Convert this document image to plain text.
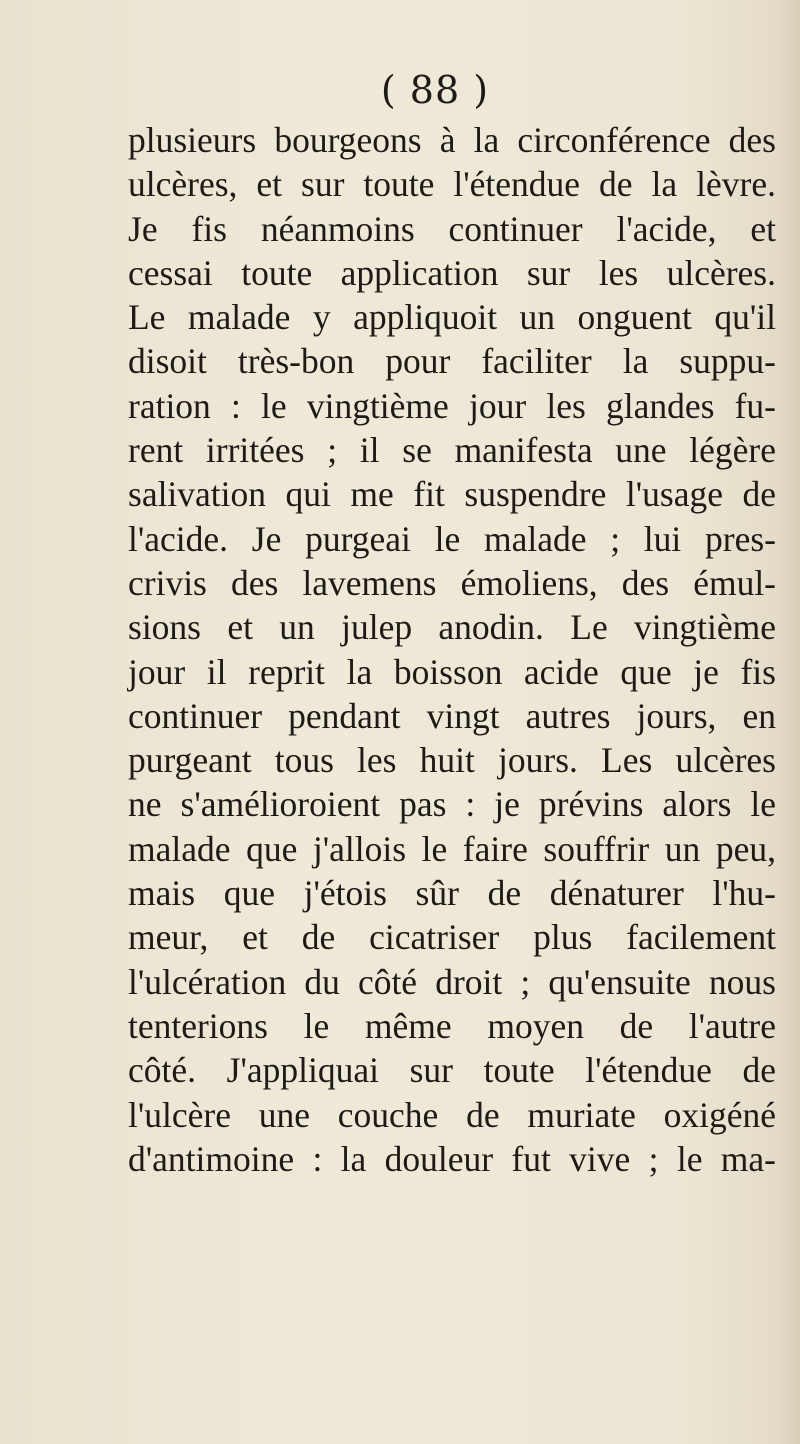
( 88 )
plusieurs bourgeons à la circonférence des
ulcères, et sur toute l'étendue de la lèvre.
Je fis néanmoins continuer l'acide, et
cessai toute application sur les ulcères.
Le malade y appliquoit un onguent qu'il
disoit très-bon pour faciliter la suppu-
ration : le vingtième jour les glandes fu-
rent irritées ; il se manifesta une légère
salivation qui me fit suspendre l'usage de
l'acide. Je purgeai le malade ; lui pres-
crivis des lavemens émoliens, des émul-
sions et un julep anodin. Le vingtième
jour il reprit la boisson acide que je fis
continuer pendant vingt autres jours, en
purgeant tous les huit jours. Les ulcères
ne s'amélioroient pas : je prévins alors le
malade que j'allois le faire souffrir un peu,
mais que j'étois sûr de dénaturer l'hu-
meur, et de cicatriser plus facilement
l'ulcération du côté droit ; qu'ensuite nous
tenterions le même moyen de l'autre
côté. J'appliquai sur toute l'étendue de
l'ulcère une couche de muriate oxigéné
d'antimoine : la douleur fut vive ; le ma-
